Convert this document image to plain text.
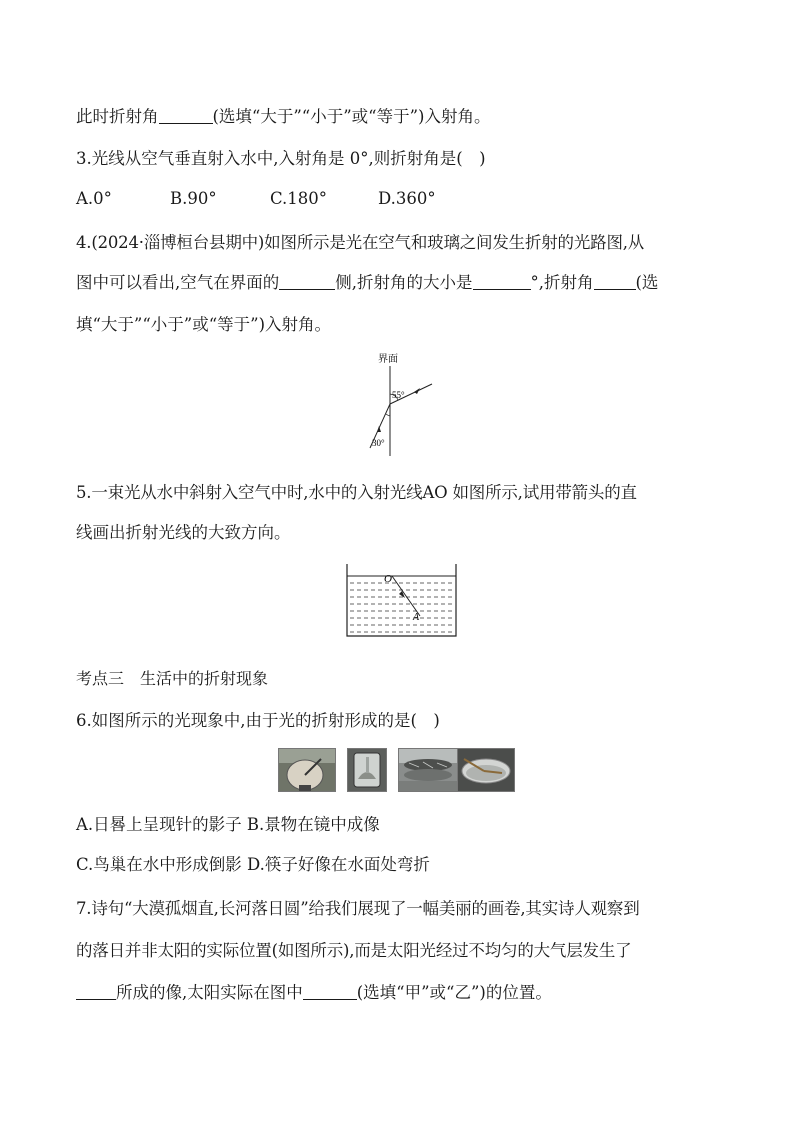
此时折射角	(选填“大于”“小于”或“等于”)入射角。
3.光线从空气垂直射入水中,入射角是 0°,则折射角是(　)
A.0°	B.90°	C.180°	D.360°
4.(2024·淄博桓台县期中)如图所示是光在空气和玻璃之间发生折射的光路图,从
图中可以看出,空气在界面的	侧,折射角的大小是	°,折射角	(选
填“大于”“小于”或“等于”)入射角。
界面
55°
30°
5.一束光从水中斜射入空气中时,水中的入射光线AO 如图所示,试用带箭头的直
线画出折射光线的大致方向。
O
A
考点三　生活中的折射现象
6.如图所示的光现象中,由于光的折射形成的是(　)
A.日晷上呈现针的影子 B.景物在镜中成像
C.鸟巢在水中形成倒影 D.筷子好像在水面处弯折
7.诗句“大漠孤烟直,长河落日圆”给我们展现了一幅美丽的画卷,其实诗人观察到
的落日并非太阳的实际位置(如图所示),而是太阳光经过不均匀的大气层发生了
所成的像,太阳实际在图中	(选填“甲”或“乙”)的位置。
